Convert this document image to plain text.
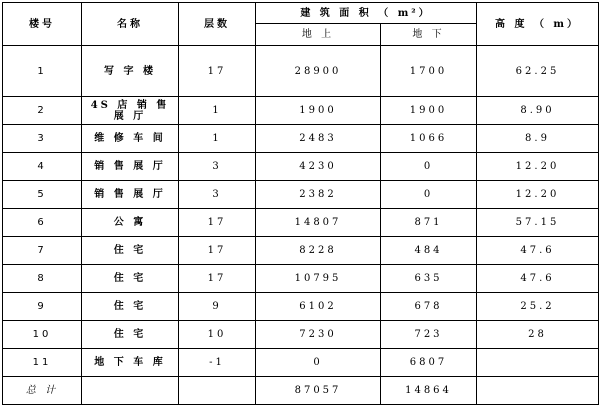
楼号	名称	层数	建 筑 面 积 （ m²）		高 度 （ m）
			地 上	地 下	
1	写 字 楼	17	28900	1700	62.25
2	4S 店 销 售 展 厅	1	1900	1900	8.90
3	维 修 车 间	1	2483	1066	8.9
4	销 售 展 厅	3	4230	0	12.20
5	销 售 展 厅	3	2382	0	12.20
6	公 寓	17	14807	871	57.15
7	住 宅	17	8228	484	47.6
8	住 宅	17	10795	635	47.6
9	住 宅	9	6102	678	25.2
10	住 宅	10	7230	723	28
11	地 下 车 库	-1	0	6807	
总 计			87057	14864	
